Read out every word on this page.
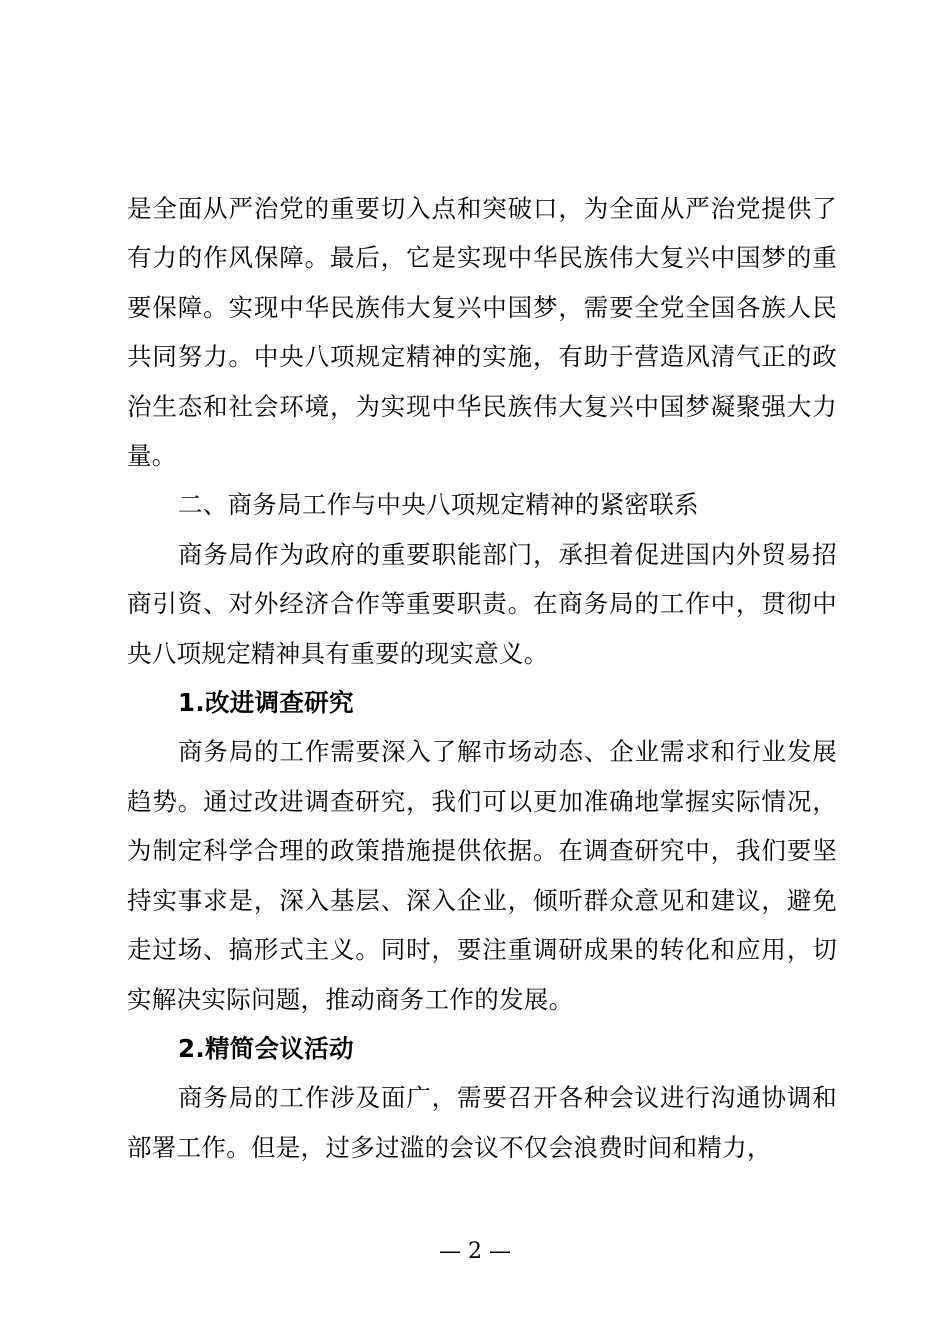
是全面从严治党的重要切入点和突破口，为全面从严治党提供了有力的作风保障。最后，它是实现中华民族伟大复兴中国梦的重要保障。实现中华民族伟大复兴中国梦，需要全党全国各族人民共同努力。中央八项规定精神的实施，有助于营造风清气正的政治生态和社会环境，为实现中华民族伟大复兴中国梦凝聚强大力量。

二、商务局工作与中央八项规定精神的紧密联系

商务局作为政府的重要职能部门，承担着促进国内外贸易招商引资、对外经济合作等重要职责。在商务局的工作中，贯彻中央八项规定精神具有重要的现实意义。

1.改进调查研究

商务局的工作需要深入了解市场动态、企业需求和行业发展趋势。通过改进调查研究，我们可以更加准确地掌握实际情况，为制定科学合理的政策措施提供依据。在调查研究中，我们要坚持实事求是，深入基层、深入企业，倾听群众意见和建议，避免走过场、搞形式主义。同时，要注重调研成果的转化和应用，切实解决实际问题，推动商务工作的发展。

2.精简会议活动

商务局的工作涉及面广，需要召开各种会议进行沟通协调和部署工作。但是，过多过滥的会议不仅会浪费时间和精力，

— 2 —
